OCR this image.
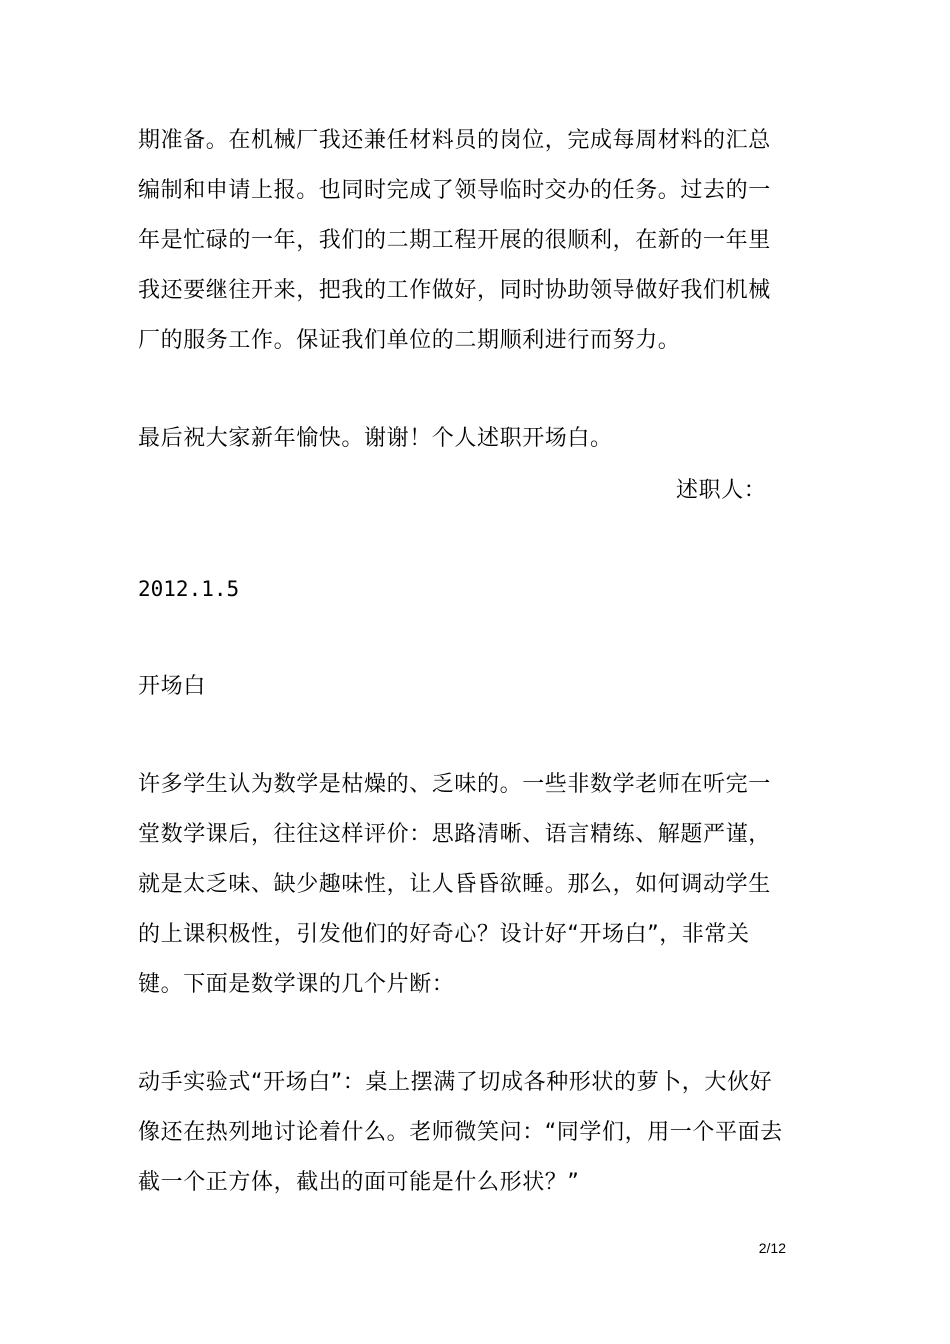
期准备。在机械厂我还兼任材料员的岗位，完成每周材料的汇总编制和申请上报。也同时完成了领导临时交办的任务。过去的一年是忙碌的一年，我们的二期工程开展的很顺利，在新的一年里我还要继往开来，把我的工作做好，同时协助领导做好我们机械厂的服务工作。保证我们单位的二期顺利进行而努力。
最后祝大家新年愉快。谢谢！个人述职开场白。
述职人：
2012.1.5
开场白
许多学生认为数学是枯燥的、乏味的。一些非数学老师在听完一堂数学课后，往往这样评价：思路清晰、语言精练、解题严谨，就是太乏味、缺少趣味性，让人昏昏欲睡。那么，如何调动学生的上课积极性，引发他们的好奇心？设计好“开场白”，非常关键。下面是数学课的几个片断：
动手实验式“开场白”：桌上摆满了切成各种形状的萝卜，大伙好像还在热列地讨论着什么。老师微笑问：“同学们，用一个平面去截一个正方体，截出的面可能是什么形状？”
2/12
